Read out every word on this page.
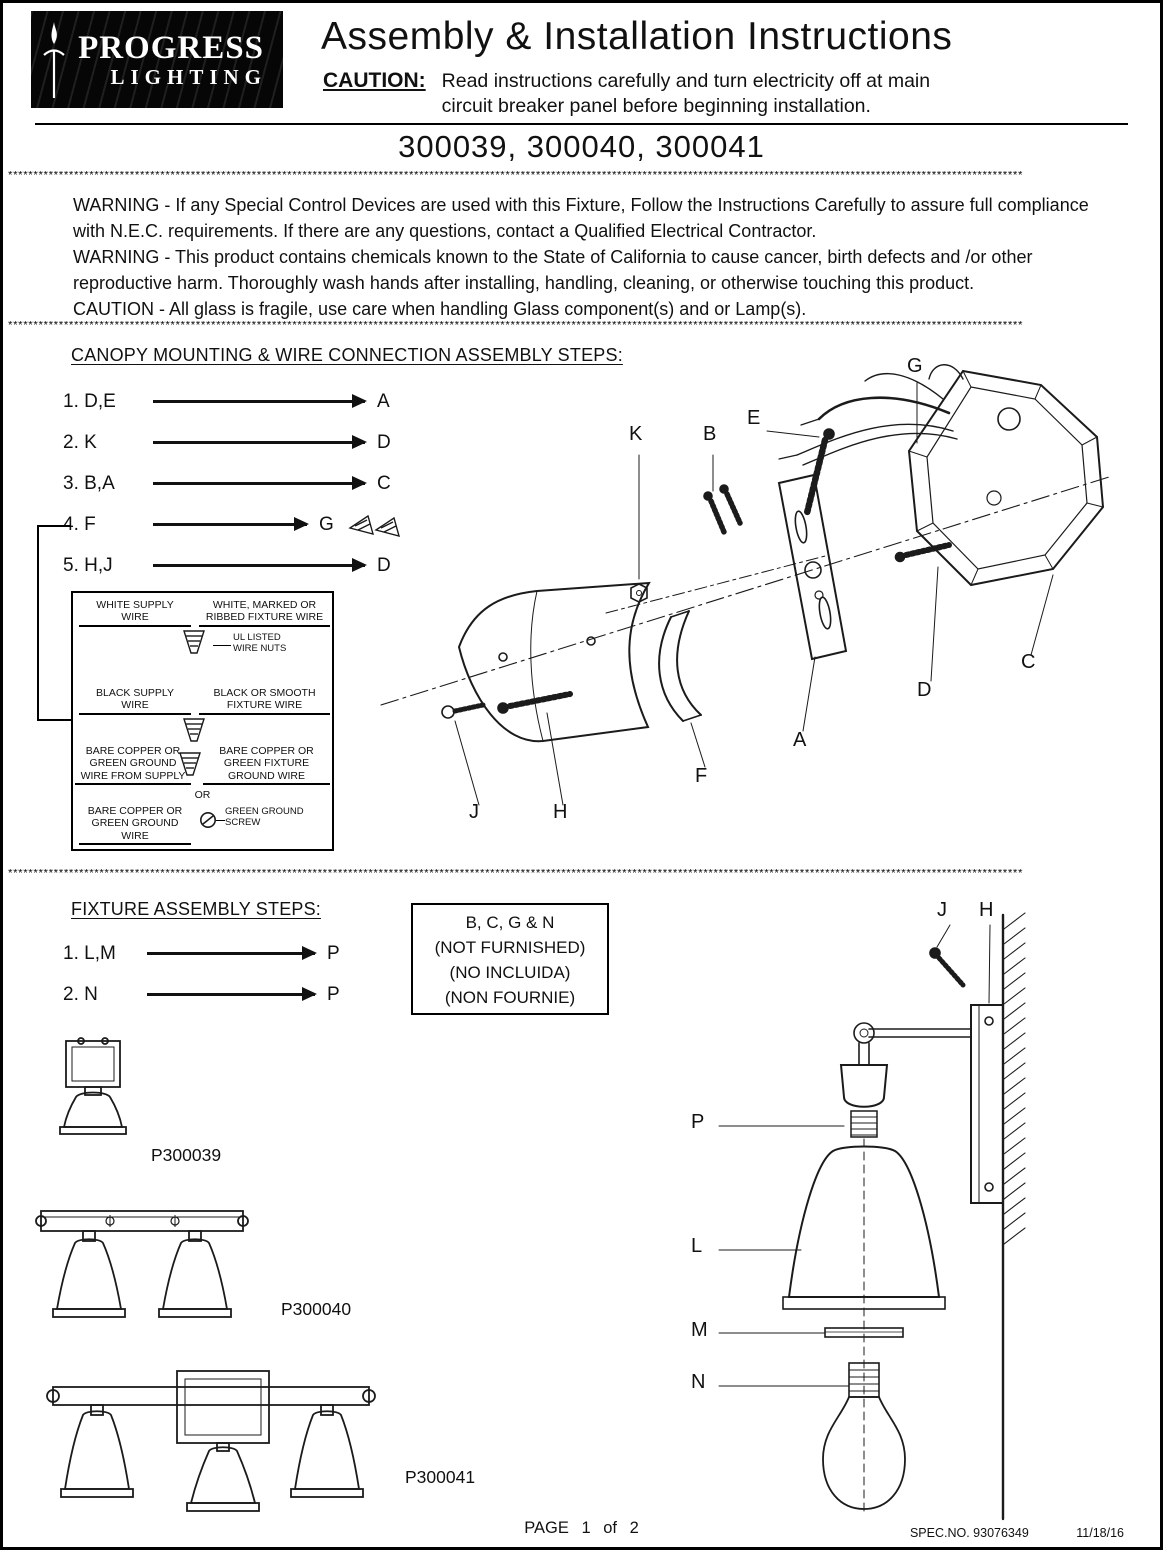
PROGRESS
LIGHTING
Assembly & Installation Instructions
CAUTION: Read instructions carefully and turn electricity off at main
circuit breaker panel before beginning installation.
300039, 300040, 300041
********************************************************************************************************************************************************************************************************

WARNING - If any Special Control Devices are used with this Fixture, Follow the Instructions Carefully to assure full compliance with N.E.C. requirements. If there are any questions, contact a Qualified Electrical Contractor.

WARNING - This product contains chemicals known to the State of California to cause cancer, birth defects and /or other reproductive harm. Thoroughly wash hands after installing, handling, cleaning, or otherwise touching this product.

CAUTION - All glass is fragile, use care when handling Glass component(s) and or Lamp(s).

********************************************************************************************************************************************************************************************************
CANOPY MOUNTING & WIRE CONNECTION ASSEMBLY STEPS:
1. D,E	A
2. K	D
3. B,A	C
4. F	G
5. H,J	D
WHITE SUPPLY
WIRE
WHITE, MARKED OR
RIBBED FIXTURE WIRE
UL LISTED
WIRE NUTS
BLACK SUPPLY
WIRE
BLACK OR SMOOTH
FIXTURE WIRE
BARE COPPER OR
GREEN GROUND
WIRE FROM SUPPLY
BARE COPPER OR
GREEN FIXTURE
GROUND WIRE
OR
BARE COPPER OR
GREEN GROUND
WIRE
GREEN GROUND
SCREW
G
K	B
E
C
D
A
F
J	H
********************************************************************************************************************************************************************************************************
FIXTURE ASSEMBLY STEPS:
1. L,M	P
2. N	P
B, C, G & N
(NOT FURNISHED)
(NO INCLUIDA)
(NON FOURNIE)
P300039
P300040
P300041
J H
P
L
M
N
PAGE 1 of 2	SPEC.NO. 93076349	11/18/16
